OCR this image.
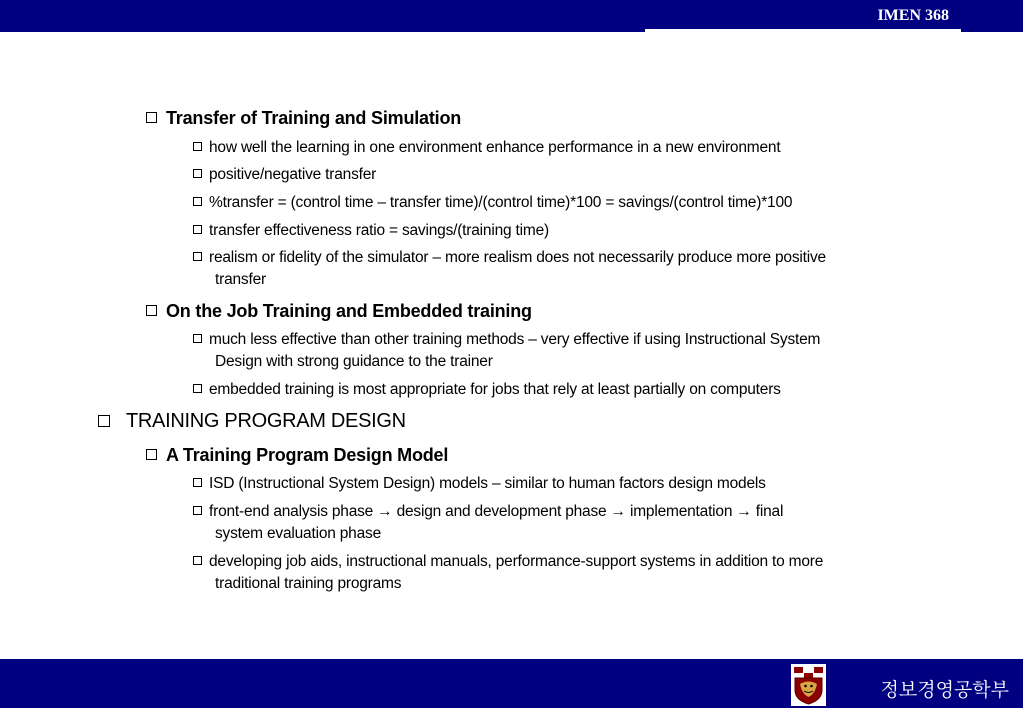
IMEN 368
Transfer of Training and Simulation
how well the learning in one environment enhance performance in a new environment
positive/negative transfer
%transfer = (control time – transfer time)/(control time)*100 = savings/(control time)*100
transfer effectiveness ratio = savings/(training time)
realism or fidelity of the simulator – more realism does not necessarily produce more positive
transfer
On the Job Training and Embedded training
much less effective than other training methods – very effective if using Instructional System
Design with strong guidance to the trainer
embedded training is most appropriate for jobs that rely at least partially on computers
TRAINING PROGRAM DESIGN
A Training Program Design Model
ISD (Instructional System Design) models – similar to human factors design models
front-end analysis phase → design and development phase → implementation → final
system evaluation phase
developing job aids, instructional manuals, performance-support systems in addition to more
traditional training programs
정보경영공학부
